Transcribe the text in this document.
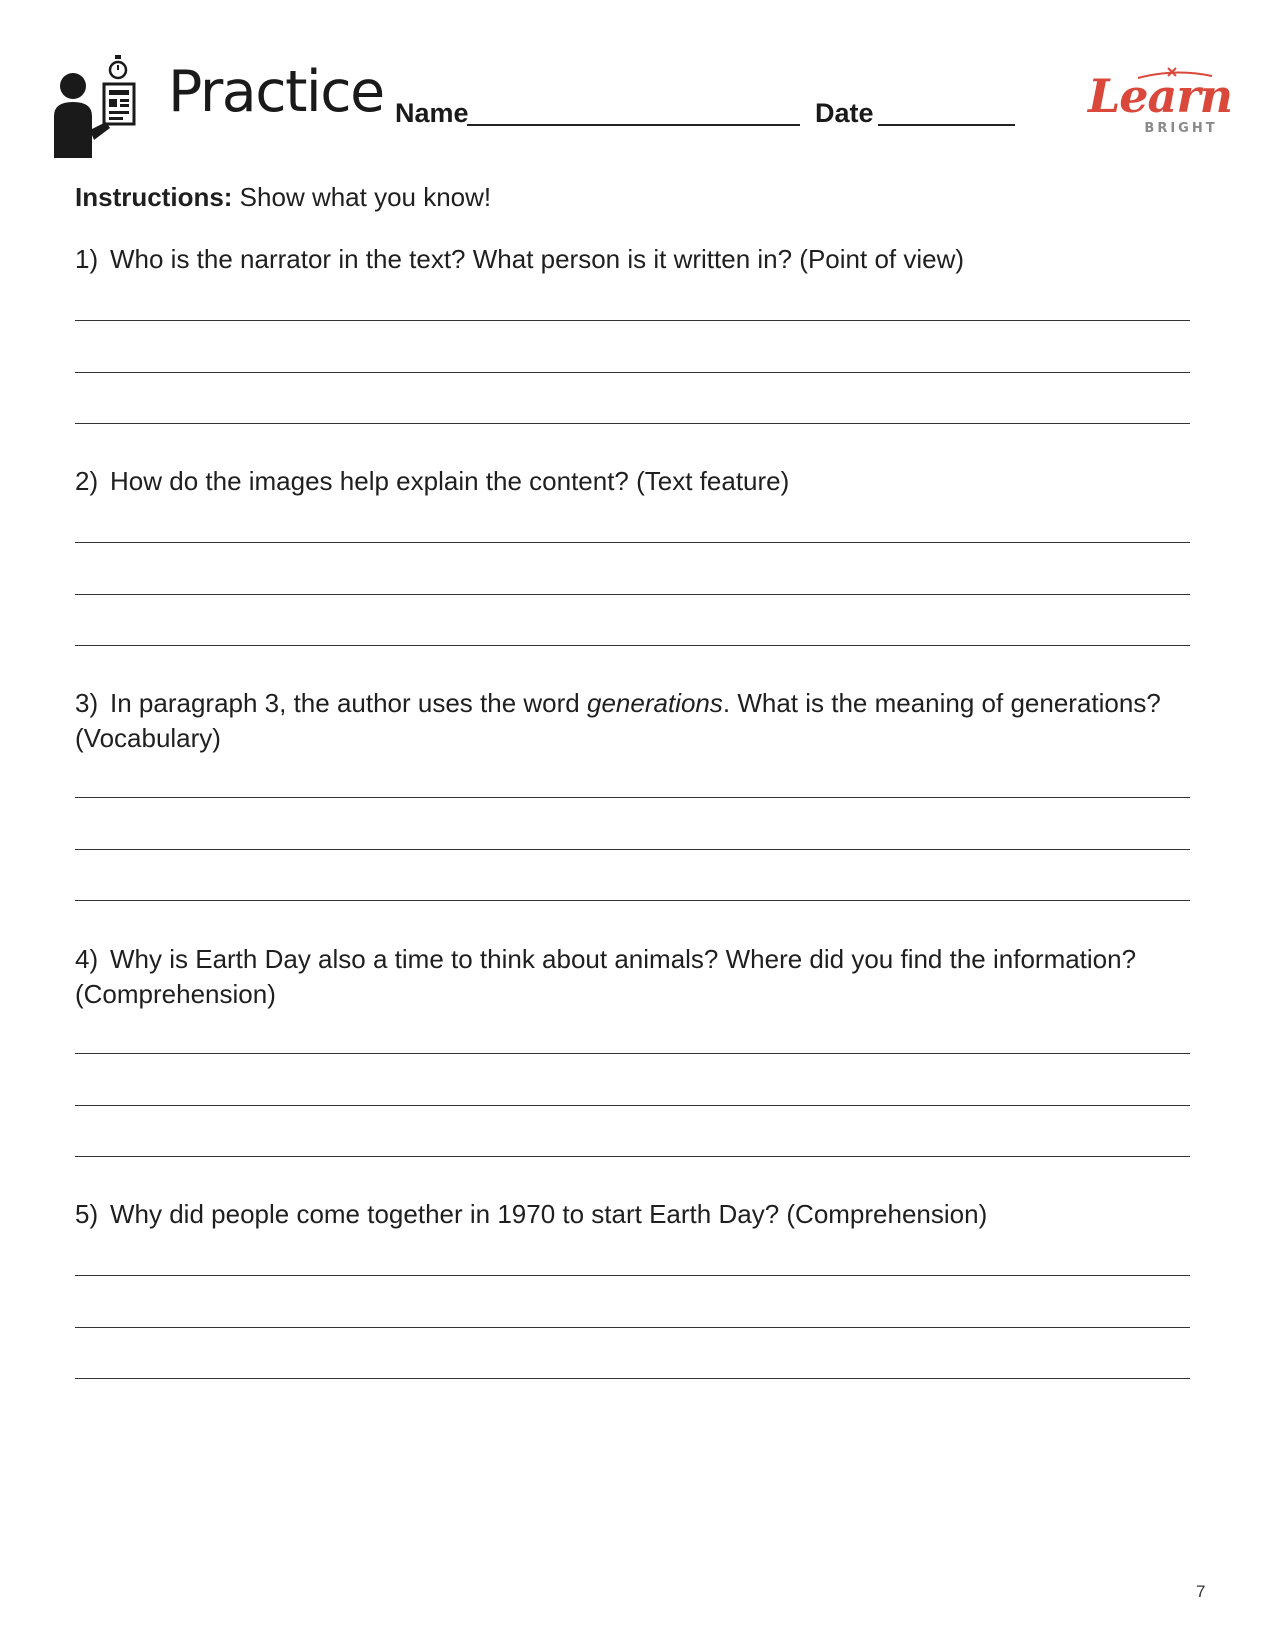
Practice Name	Date	Learn
BRIGHT
Instructions: Show what you know!
1) Who is the narrator in the text? What person is it written in? (Point of view)
2) How do the images help explain the content? (Text feature)
3) In paragraph 3, the author uses the word generations. What is the meaning of generations? (Vocabulary)
4) Why is Earth Day also a time to think about animals? Where did you find the information? (Comprehension)
5) Why did people come together in 1970 to start Earth Day? (Comprehension)
7
